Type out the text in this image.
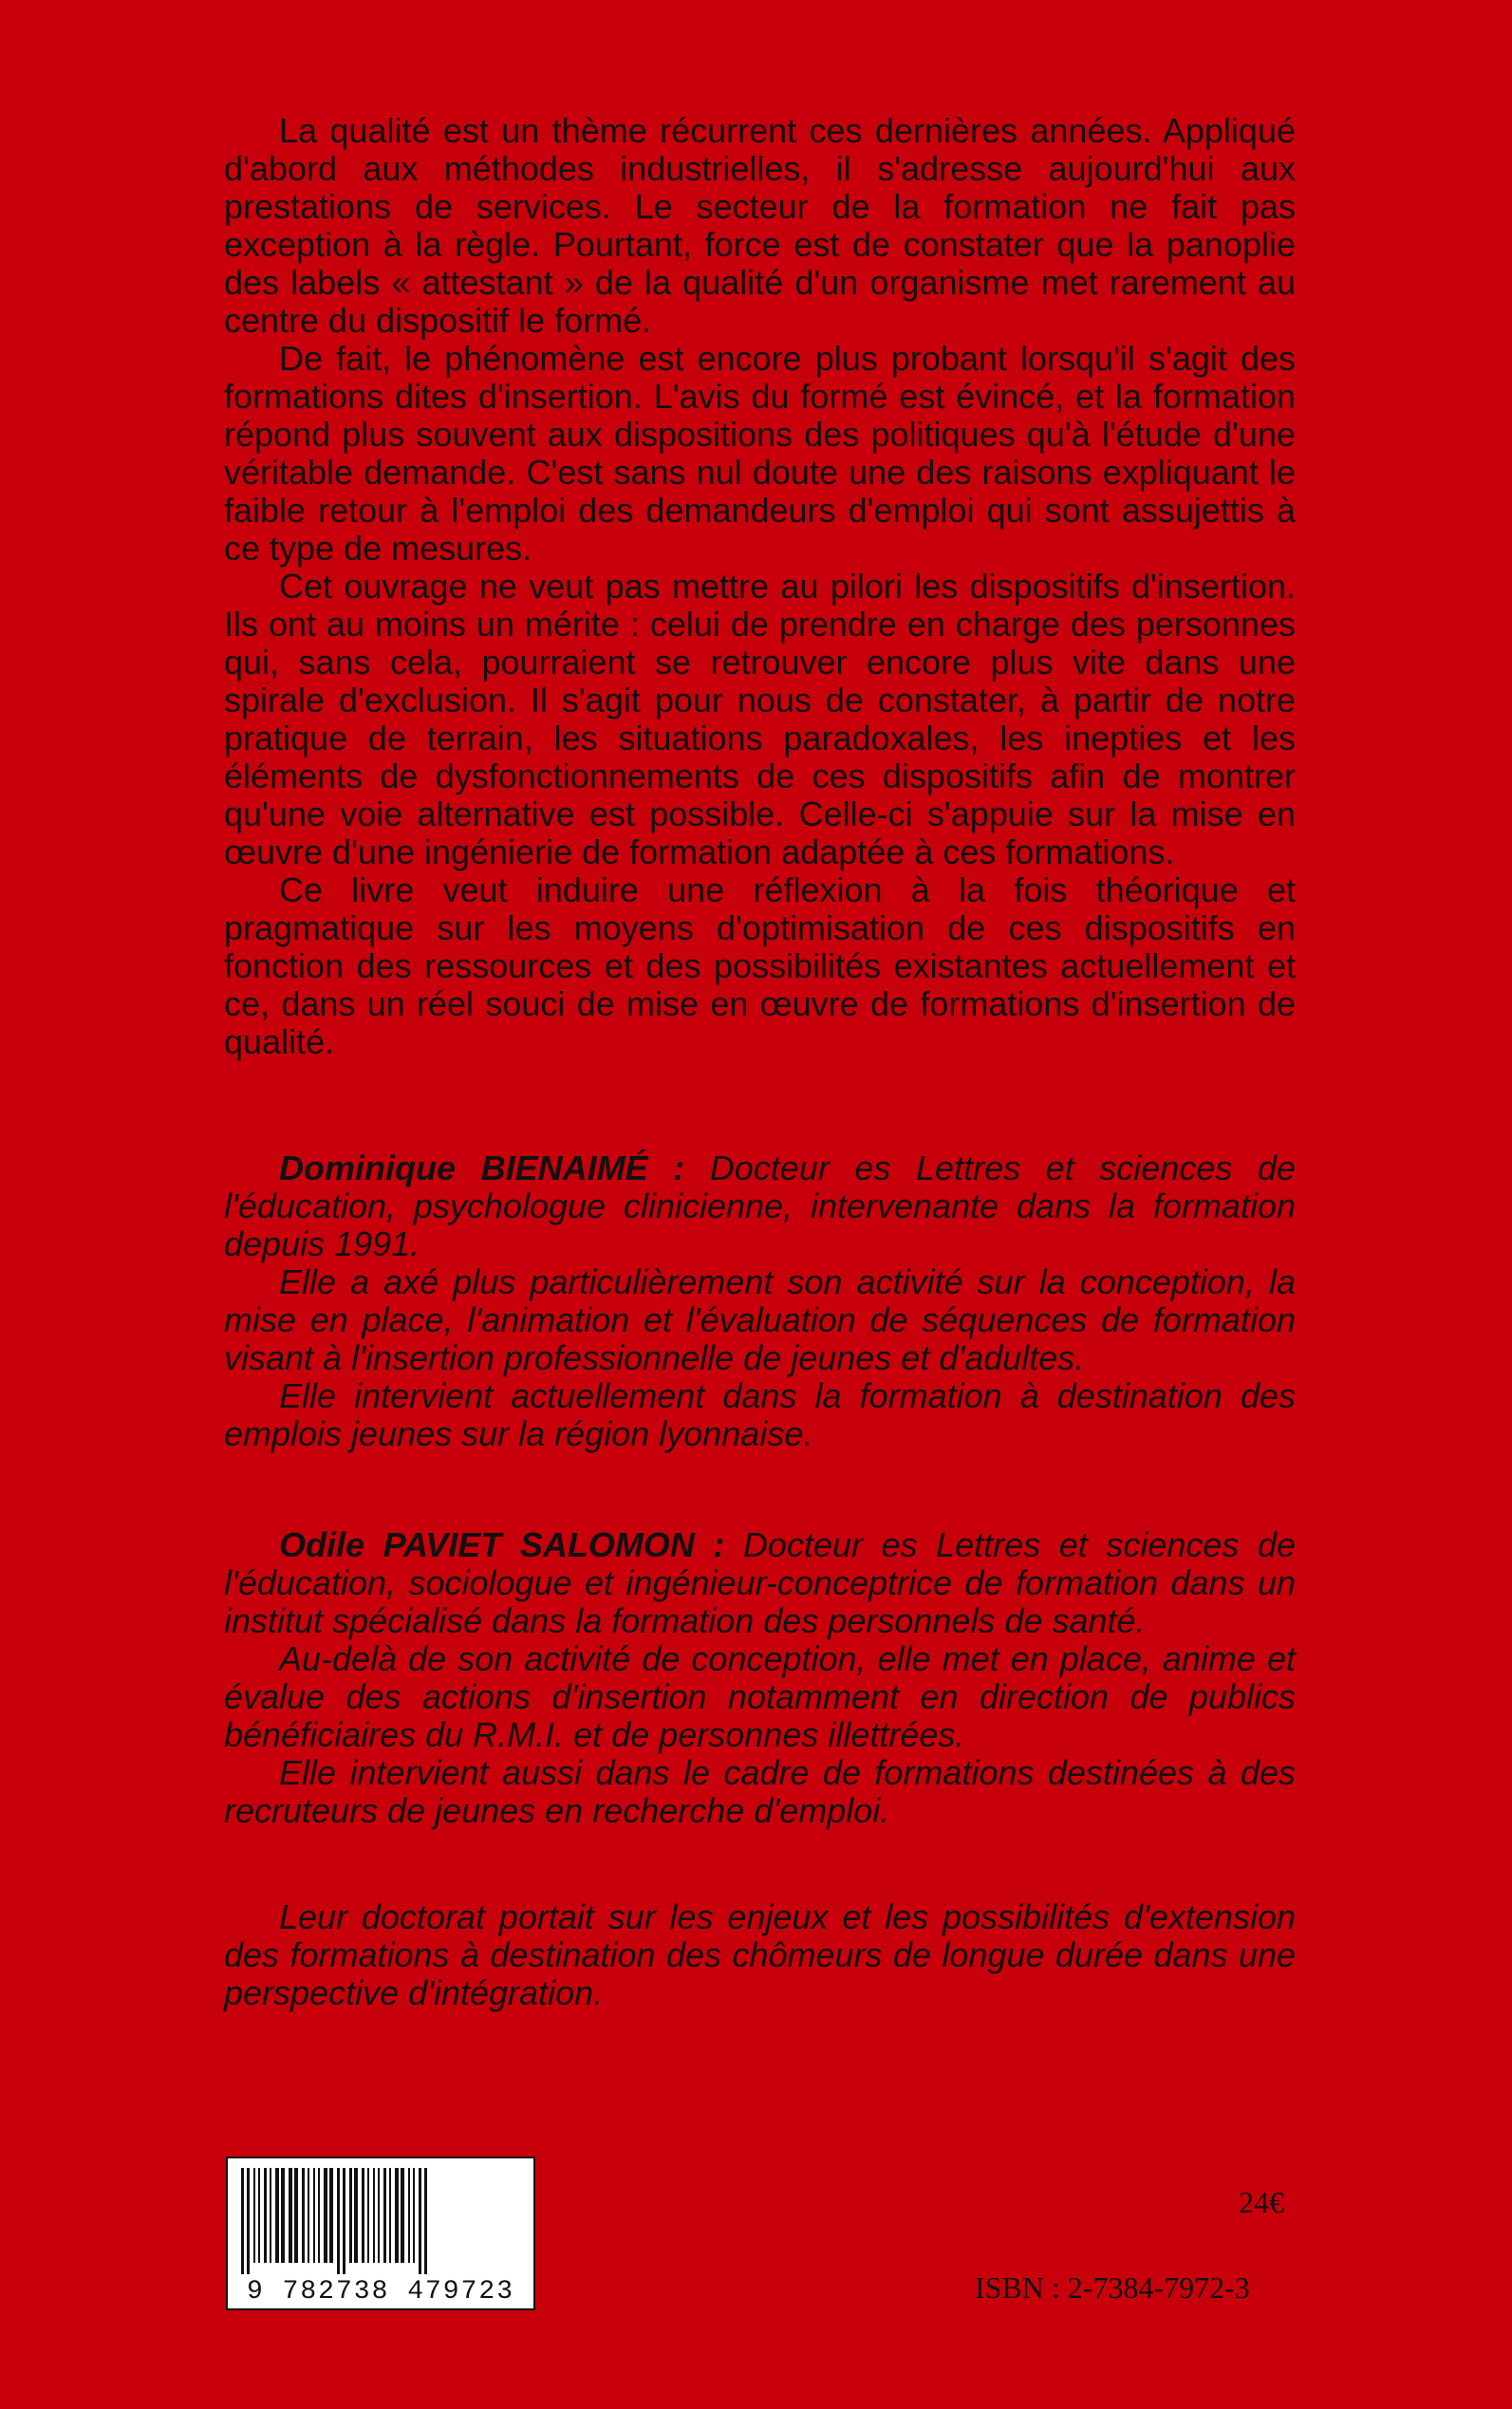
La qualité est un thème récurrent ces dernières années. Appliqué d'abord aux méthodes industrielles, il s'adresse aujourd'hui aux prestations de services. Le secteur de la formation ne fait pas exception à la règle. Pourtant, force est de constater que la panoplie des labels « attestant » de la qualité d'un organisme met rarement au centre du dispositif le formé.

De fait, le phénomène est encore plus probant lorsqu'il s'agit des formations dites d'insertion. L'avis du formé est évincé, et la formation répond plus souvent aux dispositions des politiques qu'à l'étude d'une véritable demande. C'est sans nul doute une des raisons expliquant le faible retour à l'emploi des demandeurs d'emploi qui sont assujettis à ce type de mesures.

Cet ouvrage ne veut pas mettre au pilori les dispositifs d'insertion. Ils ont au moins un mérite : celui de prendre en charge des personnes qui, sans cela, pourraient se retrouver encore plus vite dans une spirale d'exclusion. Il s'agit pour nous de constater, à partir de notre pratique de terrain, les situations paradoxales, les inepties et les éléments de dysfonctionnements de ces dispositifs afin de montrer qu'une voie alternative est possible. Celle-ci s'appuie sur la mise en œuvre d'une ingénierie de formation adaptée à ces formations.

Ce livre veut induire une réflexion à la fois théorique et pragmatique sur les moyens d'optimisation de ces dispositifs en fonction des ressources et des possibilités existantes actuellement et ce, dans un réel souci de mise en œuvre de formations d'insertion de qualité.

Dominique BIENAIMÉ : Docteur es Lettres et sciences de l'éducation, psychologue clinicienne, intervenante dans la formation depuis 1991.

Elle a axé plus particulièrement son activité sur la conception, la mise en place, l'animation et l'évaluation de séquences de formation visant à l'insertion professionnelle de jeunes et d'adultes.

Elle intervient actuellement dans la formation à destination des emplois jeunes sur la région lyonnaise.

Odile PAVIET SALOMON : Docteur es Lettres et sciences de l'éducation, sociologue et ingénieur-conceptrice de formation dans un institut spécialisé dans la formation des personnels de santé.

Au-delà de son activité de conception, elle met en place, anime et évalue des actions d'insertion notamment en direction de publics bénéficiaires du R.M.I. et de personnes illettrées.

Elle intervient aussi dans le cadre de formations destinées à des recruteurs de jeunes en recherche d'emploi.

Leur doctorat portait sur les enjeux et les possibilités d'extension des formations à destination des chômeurs de longue durée dans une perspective d'intégration.

9 782738 479723
24€
ISBN : 2-7384-7972-3
